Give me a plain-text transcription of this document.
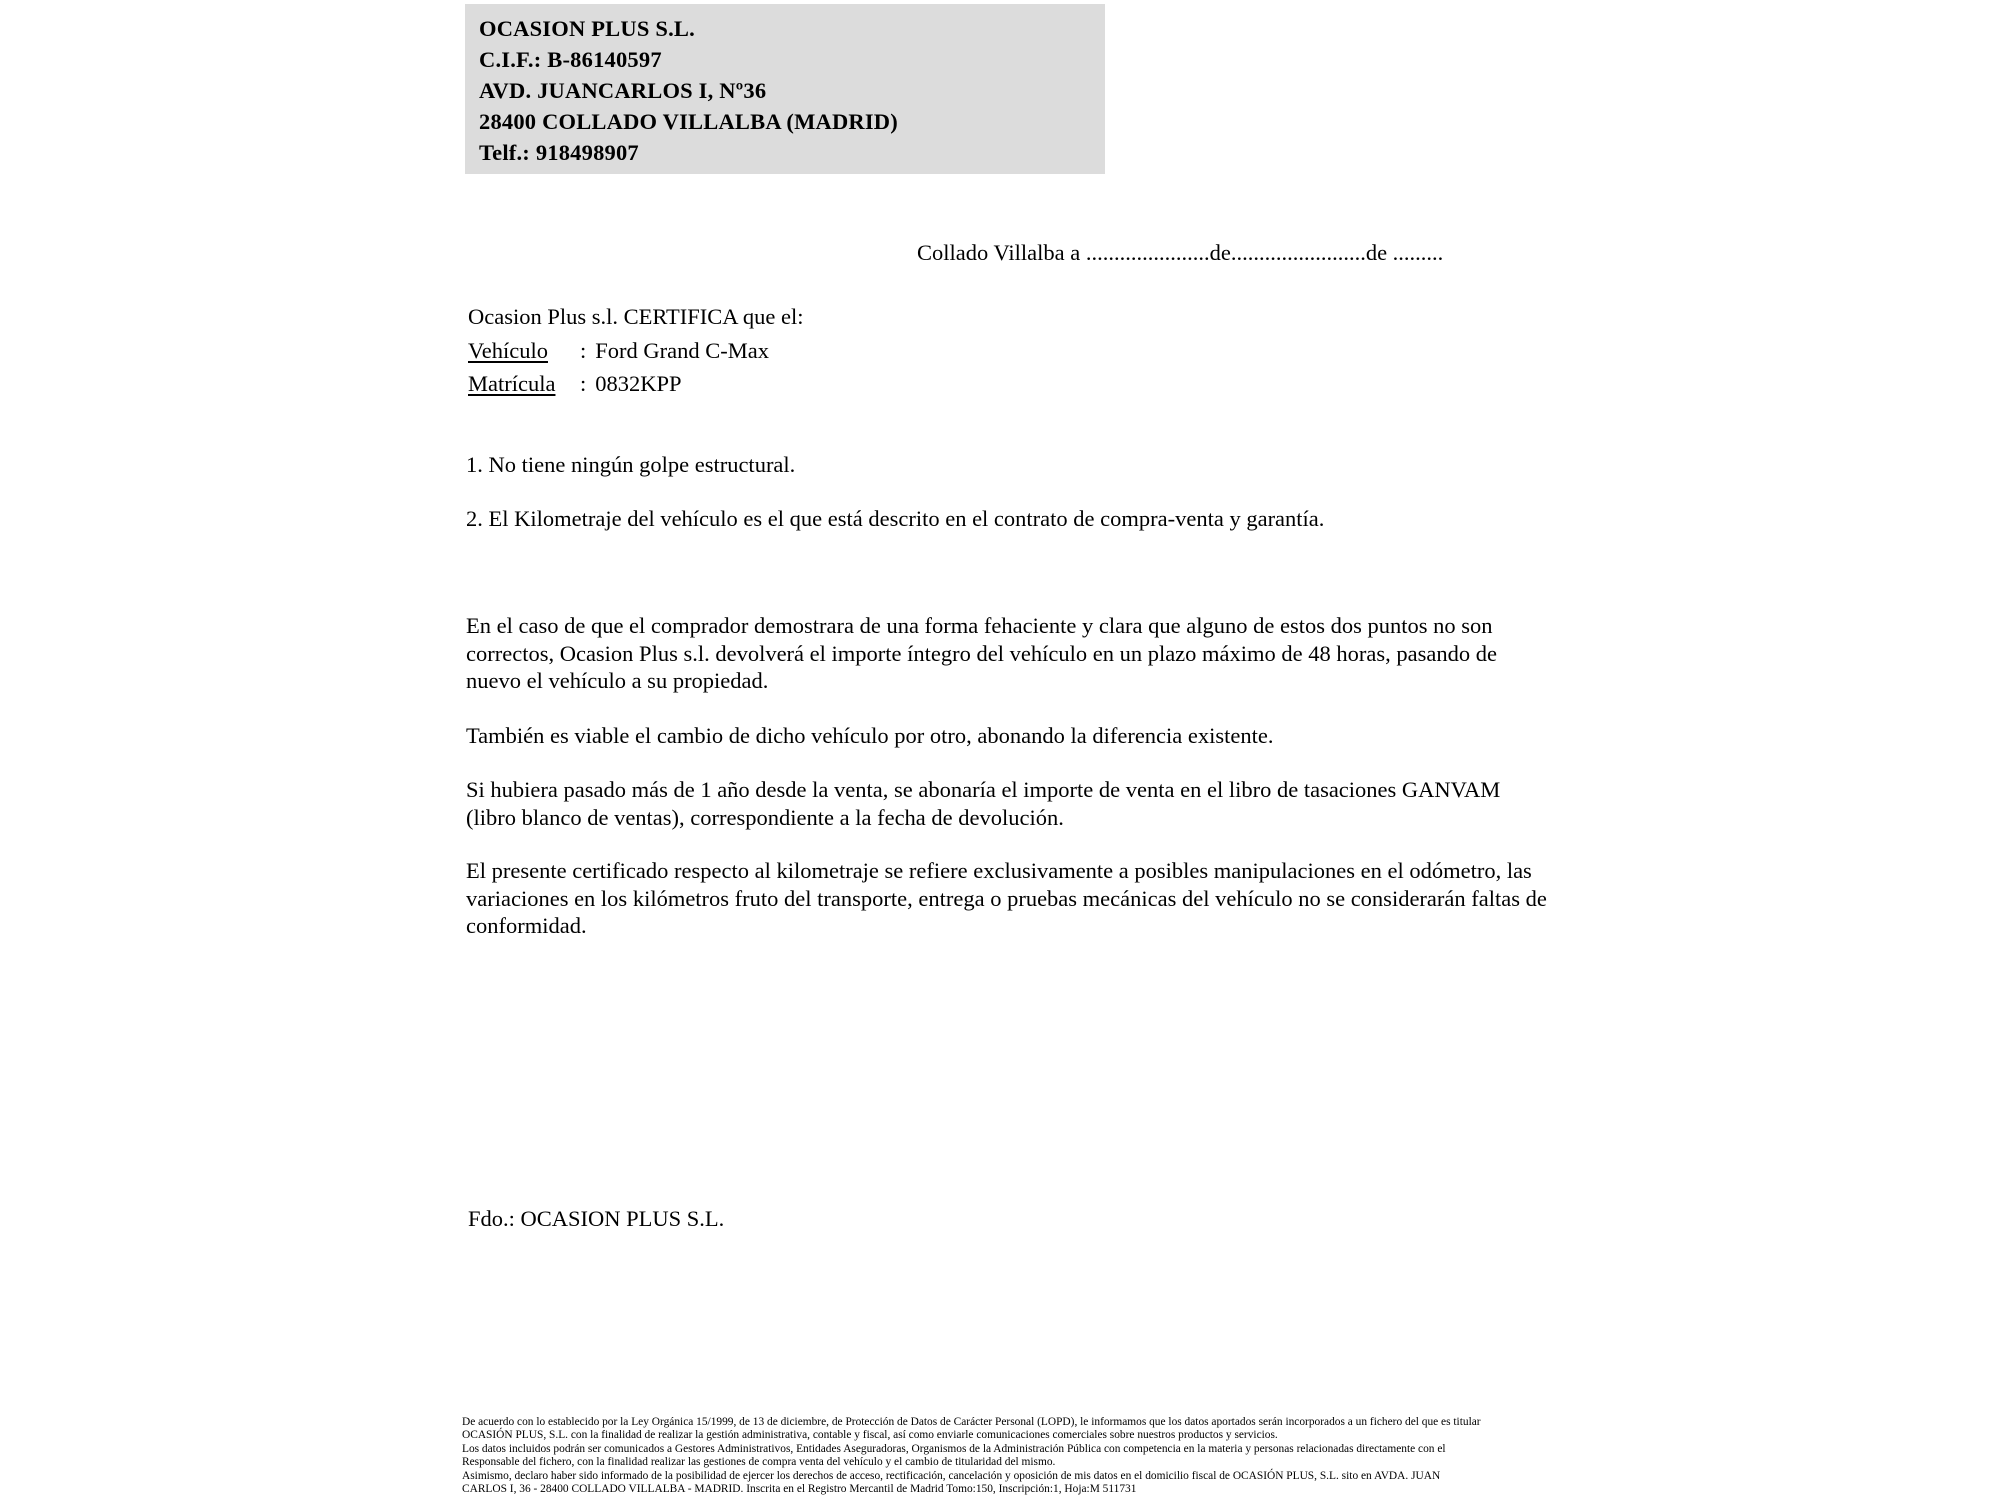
OCASION PLUS S.L.
C.I.F.: B-86140597
AVD. JUANCARLOS I, Nº36
28400 COLLADO VILLALBA (MADRID)
Telf.: 918498907
Collado Villalba a ......................de........................de .........
Ocasion Plus s.l. CERTIFICA que el:
Vehículo : Ford Grand C-Max
Matrícula : 0832KPP
1. No tiene ningún golpe estructural.
2. El Kilometraje del vehículo es el que está descrito en el contrato de compra-venta y garantía.

En el caso de que el comprador demostrara de una forma fehaciente y clara que alguno de estos dos puntos no son correctos, Ocasion Plus s.l. devolverá el importe íntegro del vehículo en un plazo máximo de 48 horas, pasando de nuevo el vehículo a su propiedad.

También es viable el cambio de dicho vehículo por otro, abonando la diferencia existente.

Si hubiera pasado más de 1 año desde la venta, se abonaría el importe de venta en el libro de tasaciones GANVAM (libro blanco de ventas), correspondiente a la fecha de devolución.

El presente certificado respecto al kilometraje se refiere exclusivamente a posibles manipulaciones en el odómetro, las variaciones en los kilómetros fruto del transporte, entrega o pruebas mecánicas del vehículo no se considerarán faltas de conformidad.

Fdo.: OCASION PLUS S.L.
De acuerdo con lo establecido por la Ley Orgánica 15/1999, de 13 de diciembre, de Protección de Datos de Carácter Personal (LOPD), le informamos que los datos aportados serán incorporados a un fichero del que es titular
OCASIÓN PLUS, S.L. con la finalidad de realizar la gestión administrativa, contable y fiscal, así como enviarle comunicaciones comerciales sobre nuestros productos y servicios.
Los datos incluidos podrán ser comunicados a Gestores Administrativos, Entidades Aseguradoras, Organismos de la Administración Pública con competencia en la materia y personas relacionadas directamente con el
Responsable del fichero, con la finalidad realizar las gestiones de compra venta del vehículo y el cambio de titularidad del mismo.
Asimismo, declaro haber sido informado de la posibilidad de ejercer los derechos de acceso, rectificación, cancelación y oposición de mis datos en el domicilio fiscal de OCASIÓN PLUS, S.L. sito en AVDA. JUAN
CARLOS I, 36 - 28400 COLLADO VILLALBA - MADRID. Inscrita en el Registro Mercantil de Madrid Tomo:150, Inscripción:1, Hoja:M 511731
